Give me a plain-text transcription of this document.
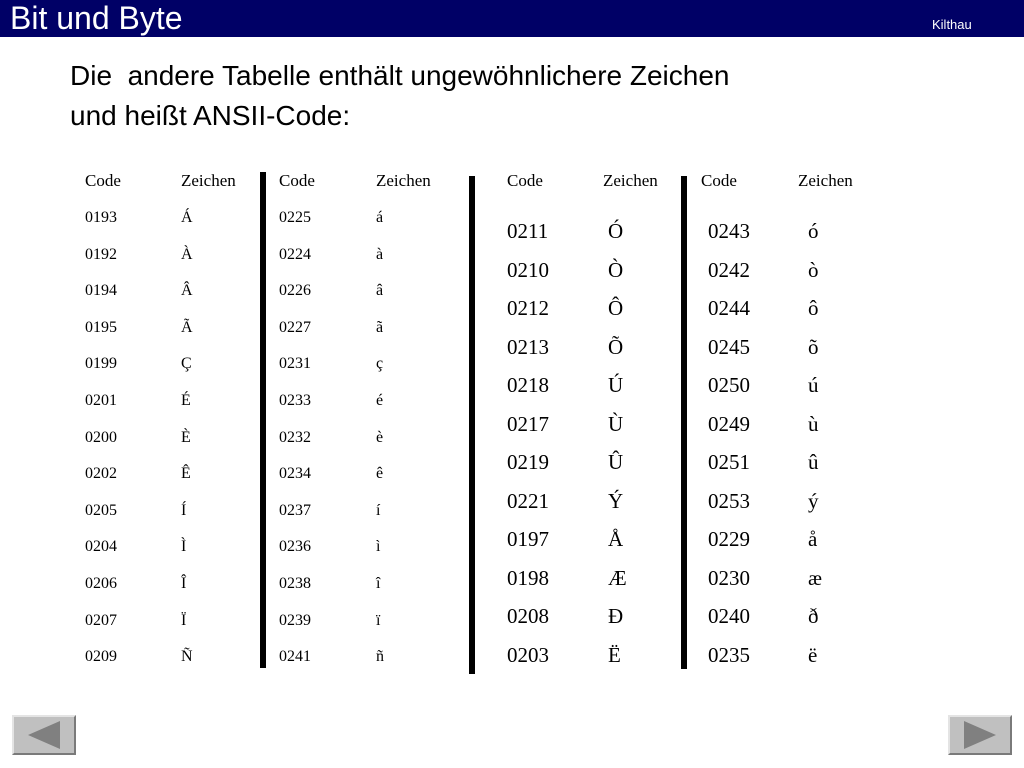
Bit und Byte	Kilthau
Die  andere Tabelle enthält ungewöhnlichere Zeichen
und heißt ANSII-Code:
Code	Zeichen	Code	Zeichen	Code	Zeichen	Code	Zeichen
0193	Á	0225	á
0192	À	0224	à
0194	Â	0226	â
0195	Ã	0227	ã
0199	Ç	0231	ç
0201	É	0233	é
0200	È	0232	è
0202	Ê	0234	ê
0205	Í	0237	í
0204	Ì	0236	ì
0206	Î	0238	î
0207	Ï	0239	ï
0209	Ñ	0241	ñ
0211	Ó	0243	ó
0210	Ò	0242	ò
0212	Ô	0244	ô
0213	Õ	0245	õ
0218	Ú	0250	ú
0217	Ù	0249	ù
0219	Û	0251	û
0221	Ý	0253	ý
0197	Å	0229	å
0198	Æ	0230	æ
0208	Đ	0240	ð
0203	Ë	0235	ë
